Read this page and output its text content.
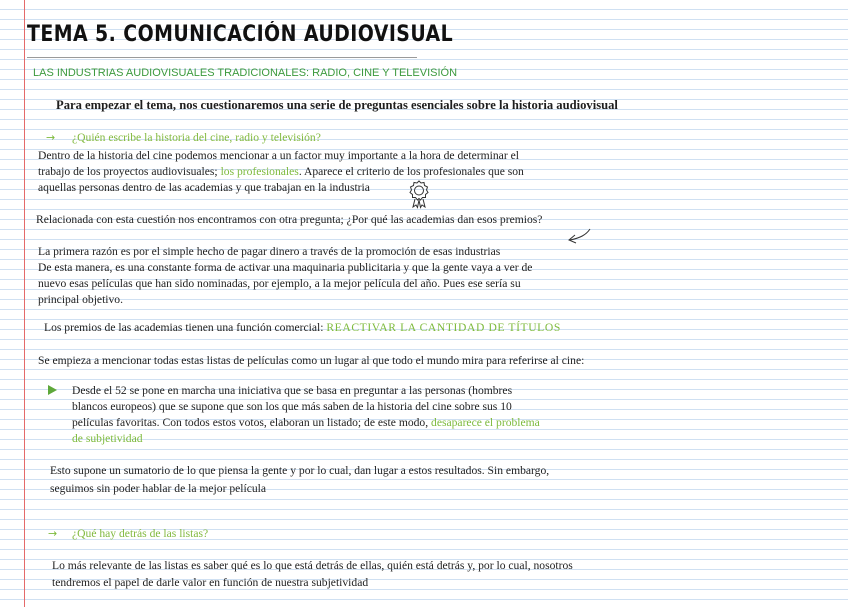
TEMA 5. COMUNICACIÓN AUDIOVISUAL
LAS INDUSTRIAS AUDIOVISUALES TRADICIONALES: RADIO, CINE Y TELEVISIÓN
Para empezar el tema, nos cuestionaremos una serie de preguntas esenciales sobre la historia audiovisual
→ ¿Quién escribe la historia del cine, radio y televisión?
Dentro de la historia del cine podemos mencionar a un factor muy importante a la hora de determinar el
trabajo de los proyectos audiovisuales; los profesionales. Aparece el criterio de los profesionales que son
aquellas personas dentro de las academias y que trabajan en la industria
Relacionada con esta cuestión nos encontramos con otra pregunta; ¿Por qué las academias dan esos premios?
La primera razón es por el simple hecho de pagar dinero a través de la promoción de esas industrias
De esta manera, es una constante forma de activar una maquinaria publicitaria y que la gente vaya a ver de
nuevo esas películas que han sido nominadas, por ejemplo, a la mejor película del año. Pues ese sería su
principal objetivo.
Los premios de las academias tienen una función comercial: REACTIVAR LA CANTIDAD DE TÍTULOS
Se empieza a mencionar todas estas listas de películas como un lugar al que todo el mundo mira para referirse al cine:
Desde el 52 se pone en marcha una iniciativa que se basa en preguntar a las personas (hombres
blancos europeos) que se supone que son los que más saben de la historia del cine sobre sus 10
películas favoritas. Con todos estos votos, elaboran un listado; de este modo, desaparece el problema
de subjetividad
Esto supone un sumatorio de lo que piensa la gente y por lo cual, dan lugar a estos resultados. Sin embargo,
seguimos sin poder hablar de la mejor película
→ ¿Qué hay detrás de las listas?
Lo más relevante de las listas es saber qué es lo que está detrás de ellas, quién está detrás y, por lo cual, nosotros
tendremos el papel de darle valor en función de nuestra subjetividad
